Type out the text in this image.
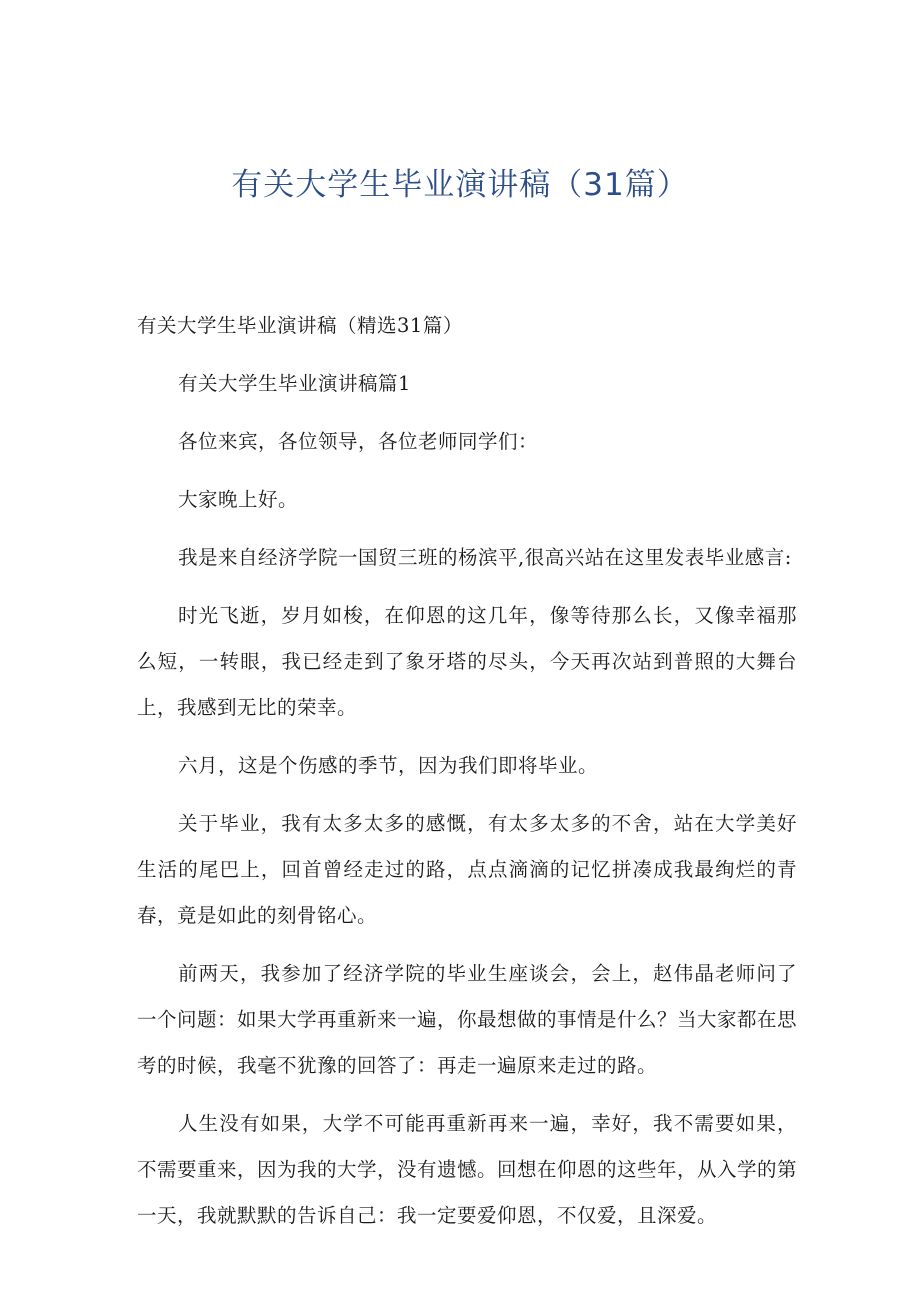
有关大学生毕业演讲稿（31篇）

有关大学生毕业演讲稿（精选31篇）

有关大学生毕业演讲稿篇1

各位来宾，各位领导，各位老师同学们：

大家晚上好。

我是来自经济学院一国贸三班的杨滨平,很高兴站在这里发表毕业感言:

时光飞逝，岁月如梭，在仰恩的这几年，像等待那么长，又像幸福那么短，一转眼，我已经走到了象牙塔的尽头，今天再次站到普照的大舞台上，我感到无比的荣幸。

六月，这是个伤感的季节，因为我们即将毕业。

关于毕业，我有太多太多的感慨，有太多太多的不舍，站在大学美好生活的尾巴上，回首曾经走过的路，点点滴滴的记忆拼凑成我最绚烂的青春，竟是如此的刻骨铭心。

前两天，我参加了经济学院的毕业生座谈会，会上，赵伟晶老师问了一个问题：如果大学再重新来一遍，你最想做的事情是什么？当大家都在思考的时候，我毫不犹豫的回答了：再走一遍原来走过的路。

人生没有如果，大学不可能再重新再来一遍，幸好，我不需要如果，不需要重来，因为我的大学，没有遗憾。回想在仰恩的这些年，从入学的第一天，我就默默的告诉自己：我一定要爱仰恩，不仅爱，且深爱。
